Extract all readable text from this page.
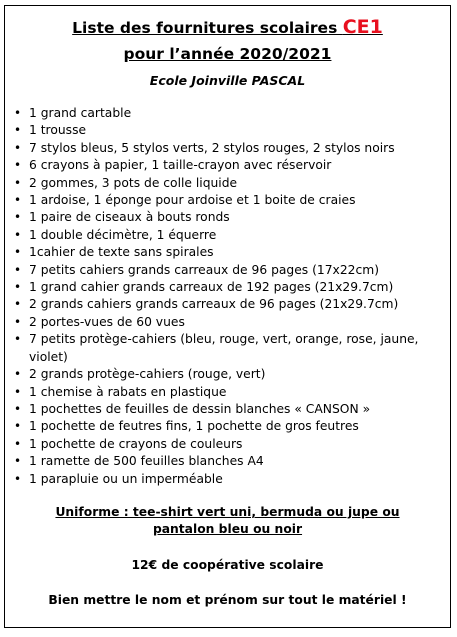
Liste des fournitures scolaires CE1
pour l’année 2020/2021
Ecole Joinville PASCAL
• 1 grand cartable
• 1 trousse
• 7 stylos bleus, 5 stylos verts, 2 stylos rouges, 2 stylos noirs
• 6 crayons à papier, 1 taille-crayon avec réservoir
• 2 gommes, 3 pots de colle liquide
• 1 ardoise, 1 éponge pour ardoise et 1 boite de craies
• 1 paire de ciseaux à bouts ronds
• 1 double décimètre, 1 équerre
• 1cahier de texte sans spirales
• 7 petits cahiers grands carreaux de 96 pages (17x22cm)
• 1 grand cahier grands carreaux de 192 pages (21x29.7cm)
• 2 grands cahiers grands carreaux de 96 pages (21x29.7cm)
• 2 portes-vues de 60 vues
• 7 petits protège-cahiers (bleu, rouge, vert, orange, rose, jaune, violet)
• 2 grands protège-cahiers (rouge, vert)
• 1 chemise à rabats en plastique
• 1 pochettes de feuilles de dessin blanches « CANSON »
• 1 pochette de feutres fins, 1 pochette de gros feutres
• 1 pochette de crayons de couleurs
• 1 ramette de 500 feuilles blanches A4
• 1 parapluie ou un imperméable
Uniforme : tee-shirt vert uni, bermuda ou jupe ou pantalon bleu ou noir
12€ de coopérative scolaire
Bien mettre le nom et prénom sur tout le matériel !
